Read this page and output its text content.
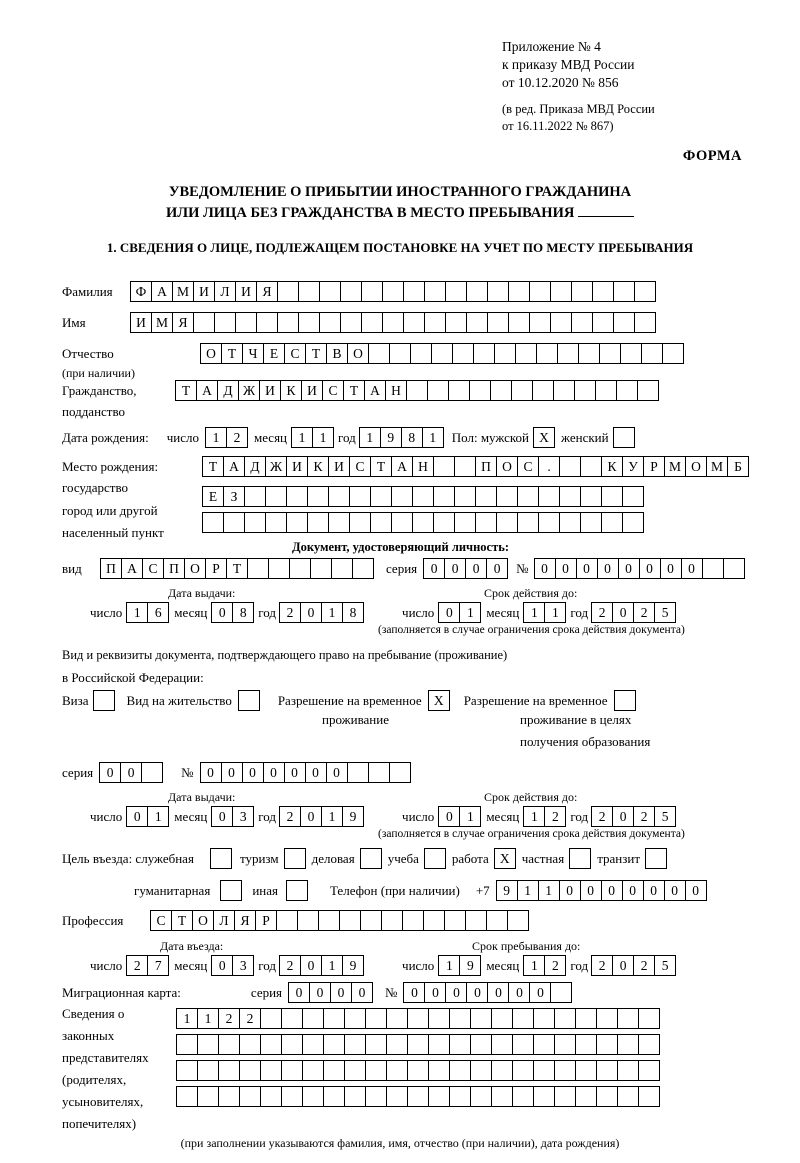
Приложение № 4
к приказу МВД России
от 10.12.2020 № 856
(в ред. Приказа МВД России
от 16.11.2022 № 867)
ФОРМА
УВЕДОМЛЕНИЕ О ПРИБЫТИИ ИНОСТРАННОГО ГРАЖДАНИНА
ИЛИ ЛИЦА БЕЗ ГРАЖДАНСТВА В МЕСТО ПРЕБЫВАНИЯ
1. СВЕДЕНИЯ О ЛИЦЕ, ПОДЛЕЖАЩЕМ ПОСТАНОВКЕ НА УЧЕТ ПО МЕСТУ ПРЕБЫВАНИЯ
Фамилия	Ф А М И Л И Я
Имя	И М Я
Отчество	О Т Ч Е С Т В О
(при наличии)
Гражданство,	Т А Д Ж И К И С Т А Н
подданство
Дата рождения: число	1	2	месяц 1	1 год 1	9	8	1	Пол: мужской X женский
Место рождения:	Т А Д Ж И К И С Т А Н	П О С	.	К У Р М О М Б
государство
Е З
город или другой
населенный пункт
Документ, удостоверяющий личность:
вид	П А С П О Р Т	серия	0	0	0	0	№ 0	0	0	0	0	0	0	0
Дата выдачи:	Срок действия до:
число 1	6 месяц 0	8 год 2	0	1	8	число 0	1 месяц 1	1 год 2	0	2	5
(заполняется в случае ограничения срока действия документа)
Вид и реквизиты документа, подтверждающего право на пребывание (проживание)
в Российской Федерации:
Виза	Вид на жительство	Разрешение на временное X	Разрешение на временное
проживание	проживание в целях
получения образования
серия	0	0	№	0	0	0	0	0	0	0
Дата выдачи:	Срок действия до:
число 0	1 месяц 0	3 год 2	0	1	9	число 0	1 месяц 1	2 год 2	0	2	5
(заполняется в случае ограничения срока действия документа)
Цель въезда: служебная	туризм	деловая	учеба	работа X частная	транзит
гуманитарная	иная	Телефон (при наличии) +7	9	1	1	0	0	0	0	0	0	0
Профессия	С Т О Л Я Р
Дата въезда:	Срок пребывания до:
число 2	7 месяц 0	3 год 2	0	1	9	число 1	9 месяц 1	2 год 2	0	2	5
Миграционная карта:	серия	0	0	0	0	№	0	0	0	0	0	0	0
Сведения о
законных
представителях
(родителях,
усыновителях,
попечителях)
1	1	2	2
(при заполнении указываются фамилия, имя, отчество (при наличии), дата рождения)
